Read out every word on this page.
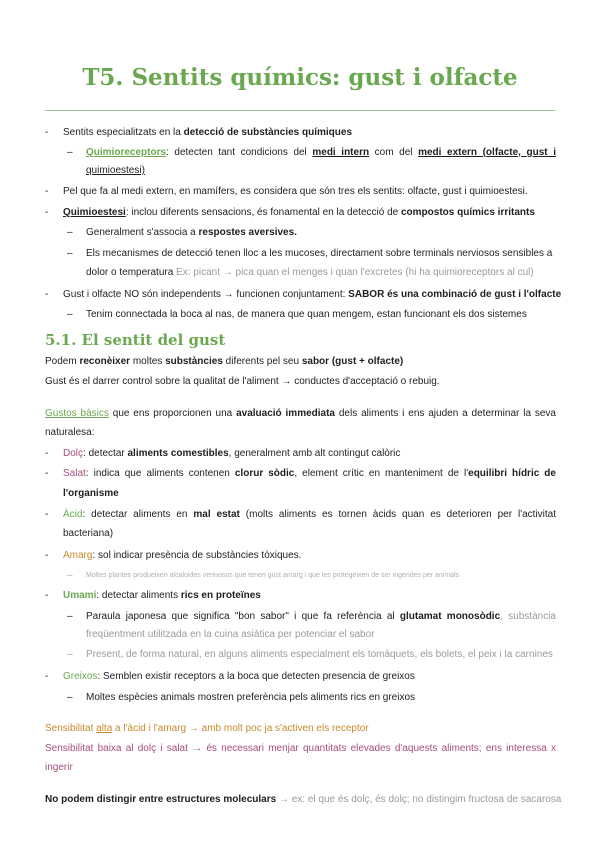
T5. Sentits químics: gust i olfacte
- Sentits especialitzats en la detecció de substàncies químiques
– Quimioreceptors: detecten tant condicions del medi intern com del medi extern (olfacte, gust i
quimioestesi)
- Pel que fa al medi extern, en mamífers, es considera que són tres els sentits: olfacte, gust i quimioestesi.
- Quimioestesi: inclou diferents sensacions, és fonamental en la detecció de compostos químics irritants
– Generalment s'associa a respostes aversives.
– Els mecanismes de detecció tenen lloc a les mucoses, directament sobre terminals nerviosos sensibles a
dolor o temperatura Ex: picant → pica quan el menges i quan l'excretes (hi ha quimioreceptors al cul)
- Gust i olfacte NO són independents → funcionen conjuntament: SABOR és una combinació de gust i l'olfacte
– Tenim connectada la boca al nas, de manera que quan mengem, estan funcionant els dos sistemes
5.1. El sentit del gust
Podem reconèixer moltes substàncies diferents pel seu sabor (gust + olfacte)
Gust és el darrer control sobre la qualitat de l'aliment → conductes d'acceptació o rebuig.
Gustos bàsics que ens proporcionen una avaluació immediata dels aliments i ens ajuden a determinar la seva
naturalesa:
- Dolç: detectar aliments comestibles, generalment amb alt contingut calòric
- Salat: indica que aliments contenen clorur sòdic, element crític en manteniment de l'equilibri hídric de
l'organisme
- Àcid: detectar aliments en mal estat (molts aliments es tornen àcids quan es deterioren per l'activitat
bacteriana)
- Amarg: sol indicar presència de substàncies tòxiques.
– Moltes plantes produeixen alcaloides verinosos que tenen gust amarg i que les protegeixen de ser ingerides per animals
- Umami: detectar aliments rics en proteïnes
– Paraula japonesa que significa "bon sabor" i que fa referència al glutamat monosòdic, substància
freqüentment utilitzada en la cuina asiàtica per potenciar el sabor
– Present, de forma natural, en alguns aliments especialment els tomàquets, els bolets, el peix i la carnines
- Greixos: Semblen existir receptors a la boca que detecten presencia de greixos
– Moltes espècies animals mostren preferència pels aliments rics en greixos
Sensibilitat alta a l'àcid i l'amarg → amb molt poc ja s'activen els receptor
Sensibilitat baixa al dolç i salat → és necessari menjar quantitats elevades d'aquests aliments; ens interessa x
ingerir
No podem distingir entre estructures moleculars → ex: el que és dolç, és dolç; no distingim fructosa de sacarosa
